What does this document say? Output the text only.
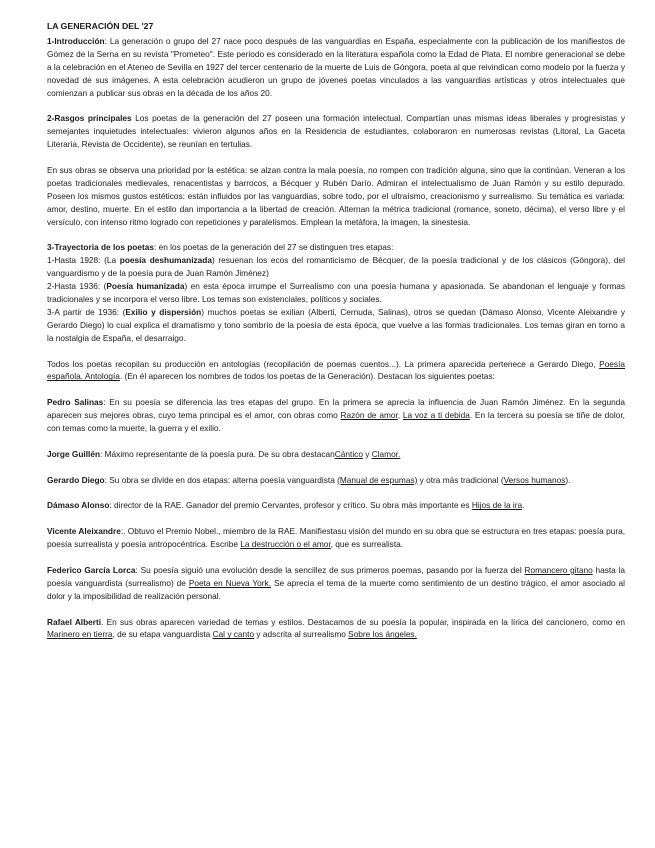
LA GENERACIÓN DEL '27

1-Introducción: La generación o grupo del 27 nace poco después de las vanguardias en España, especialmente con la publicación de los manifiestos de Gómez de la Serna en su revista "Prometeo". Este periodo es considerado en la literatura española como la Edad de Plata. El nombre generacional se debe a la celebración en el Ateneo de Sevilla en 1927 del tercer centenario de la muerte de Luis de Góngora, poeta al que reivindican como modelo por la fuerza y novedad de sus imágenes. A esta celebración acudieron un grupo de jóvenes poetas vinculados a las vanguardias artísticas y otros intelectuales que comienzan a publicar sus obras en la década de los años 20.

2-Rasgos principales Los poetas de la generación del 27 poseen una formación intelectual. Compartían unas mismas ideas liberales y progresistas y semejantes inquietudes intelectuales: vivieron algunos años en la Residencia de estudiantes, colaboraron en numerosas revistas (Litoral, La Gaceta Literaria, Revista de Occidente), se reunían en tertulias.

En sus obras se observa una prioridad por la estética: se alzan contra la mala poesía, no rompen con tradición alguna, sino que la continúan. Veneran a los poetas tradicionales medievales, renacentistas y barrocos, a Bécquer y Rubén Darío. Admiran el intelectualismo de Juan Ramón y su estilo depurado. Poseen los mismos gustos estéticos: están influidos por las vanguardias, sobre todo, por el ultraísmo, creacionismo y surrealismo. Su temática es variada: amor, destino, muerte. En el estilo dan importancia a la libertad de creación. Alternan la métrica tradicional (romance, soneto, décima), el verso libre y el versículo, con intenso ritmo logrado con repeticiones y paralelismos. Emplean la metáfora, la imagen, la sinestesia.

3-Trayectoria de los poetas: en los poetas de la generación del 27 se distinguen tres etapas:

1-Hasta 1928: (La poesía deshumanizada) resuenan los ecos del romanticismo de Bécquer, de la poesía tradicional y de los clásicos (Góngora), del vanguardismo y de la poesía pura de Juan Ramón Jiménez)

2-Hasta 1936: (Poesía humanizada) en esta época irrumpe el Surrealismo con una poesía humana y apasionada. Se abandonan el lenguaje y formas tradicionales y se incorpora el verso libre. Los temas son existenciales, políticos y sociales.

3-A partir de 1936: (Exilio y dispersión) muchos poetas se exilian (Alberti, Cernuda, Salinas), otros se quedan (Dámaso Alonso, Vicente Aleixandre y Gerardo Diego) lo cual explica el dramatismo y tono sombrío de la poesía de esta época, que vuelve a las formas tradicionales. Los temas giran en torno a la nostalgia de España, el desarraigo.

Todos los poetas recopilan su producción en antologías (recopilación de poemas cuentos...). La primera aparecida pertenece a Gerardo Diego, Poesía española. Antología. (En él aparecen los nombres de todos los poetas de la Generación). Destacan los siguientes poetas:

Pedro Salinas: En su poesía se diferencia las tres etapas del grupo. En la primera se aprecia la influencia de Juan Ramón Jiménez. En la segunda aparecen sus mejores obras, cuyo tema principal es el amor, con obras como Razón de amor, La voz a ti debida. En la tercera su poesía se tiñe de dolor, con temas como la muerte, la guerra y el exilio.

Jorge Guillén: Máximo representante de la poesía pura. De su obra destacanCántico y Clamor.

Gerardo Diego: Su obra se divide en dos etapas: alterna poesía vanguardista (Manual de espumas) y otra más tradicional (Versos humanos).

Dámaso Alonso: director de la RAE. Ganador del premio Cervantes, profesor y crítico. Su obra más importante es Hijos de la ira.

Vicente Aleixandre:. Obtuvo el Premio Nobel., miembro de la RAE. Manifiestasu visión del mundo en su obra que se estructura en tres etapas: poesía pura, poesía surrealista y poesía antropocéntrica. Escribe La destrucción o el amor, que es surrealista.

Federico García Lorca: Su poesía siguió una evolución desde la sencillez de sus primeros poemas, pasando por la fuerza del Romancero gitano hasta la poesía vanguardista (surrealismo) de Poeta en Nueva York. Se aprecia el tema de la muerte como sentimiento de un destino trágico, el amor asociado al dolor y la imposibilidad de realización personal.

Rafael Alberti. En sus obras aparecen variedad de temas y estilos. Destacamos de su poesía la popular, inspirada en la lírica del cancionero, como en Marinero en tierra, de su etapa vanguardista Cal y canto y adscrita al surrealismo Sobre los ángeles.
